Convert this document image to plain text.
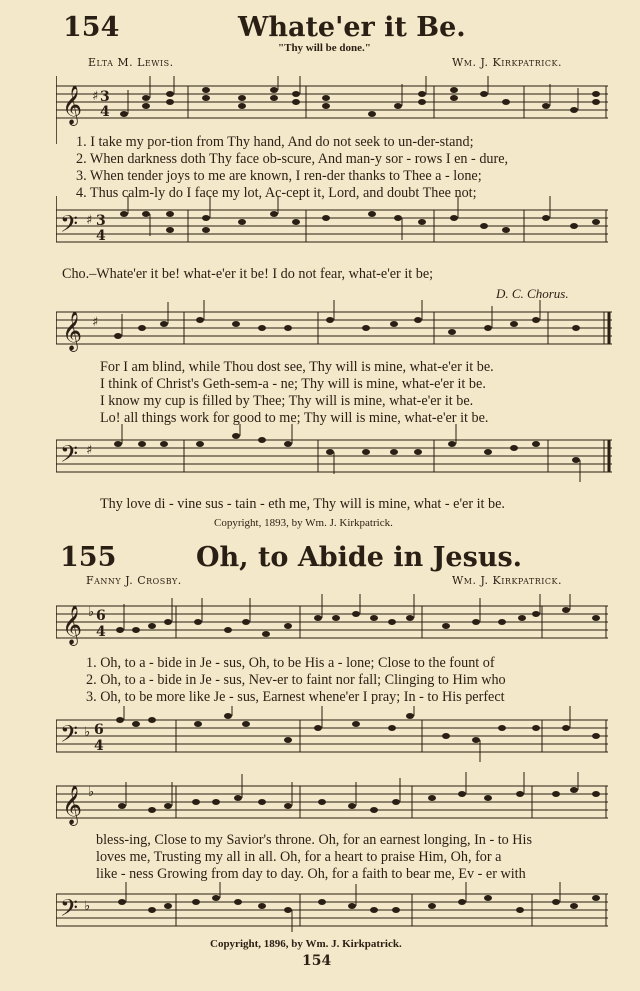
154	Whate'er it Be.
"Thy will be done."
Elta M. Lewis.	Wm. J. Kirkpatrick.
𝄞 ♯ 3
4
1. I take my por-tion from Thy hand, And do not seek to un-der-stand;
2. When darkness doth Thy face ob-scure, And man-y sor - rows I en - dure,
3. When tender joys to me are known, I ren-der thanks to Thee a - lone;
4. Thus calm-ly do I face my lot, Ac-cept it, Lord, and doubt Thee not;
𝄢 ♯ 3
4
Cho.–Whate'er it be! what-e'er it be! I do not fear, what-e'er it be;
D. C. Chorus.
𝄞 ♯
For I am blind, while Thou dost see, Thy will is mine, what-e'er it be.
I think of Christ's Geth-sem-a - ne; Thy will is mine, what-e'er it be.
I know my cup is filled by Thee; Thy will is mine, what-e'er it be.
Lo! all things work for good to me; Thy will is mine, what-e'er it be.
𝄢 ♯
Thy love di - vine sus - tain - eth me, Thy will is mine, what - e'er it be.
Copyright, 1893, by Wm. J. Kirkpatrick.
155	Oh, to Abide in Jesus.
Fanny J. Crosby.	Wm. J. Kirkpatrick.
𝄞 ♭ 6
4
1. Oh, to a - bide in Je - sus, Oh, to be His a - lone; Close to the fount of
2. Oh, to a - bide in Je - sus, Nev-er to faint nor fall; Clinging to Him who
3. Oh, to be more like Je - sus, Earnest whene'er I pray; In - to His perfect
𝄢 ♭ 6
4
𝄞 ♭
bless-ing, Close to my Savior's throne. Oh, for an earnest longing, In - to His
loves me, Trusting my all in all. Oh, for a heart to praise Him, Oh, for a
like - ness Growing from day to day. Oh, for a faith to bear me, Ev - er with
𝄢 ♭
Copyright, 1896, by Wm. J. Kirkpatrick.
154
